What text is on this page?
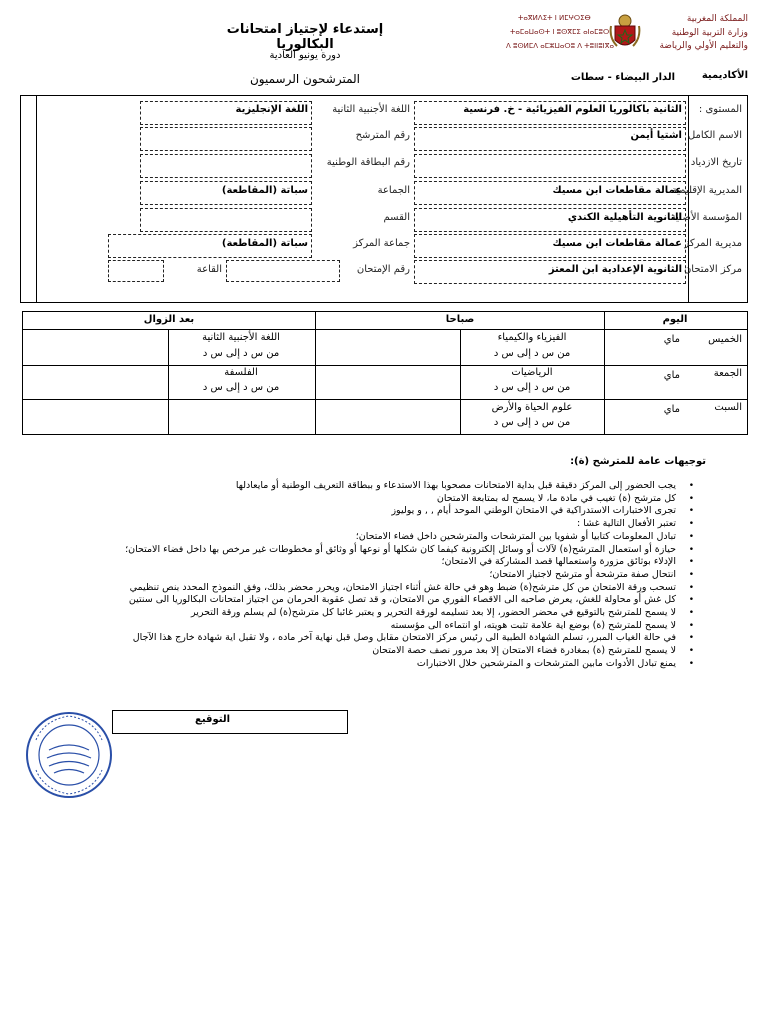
ⵜⴰⴳⵍⴷⵉⵜ ⵏ ⵍⵎⵖⵔⵉⴱ
ⵜⴰⵎⴰⵡⴰⵙⵜ ⵏ ⵓⵙⴳⵎⵉ ⴰⵏⴰⵎⵓⵔ
ⴷ ⵓⵙⵍⵎⴷ ⴰⵎⵣⵡⴰⵔⵓ ⴷ ⵜⵓⵏⵏⵓⵏⴳⴰ
المملكة المغربية
وزارة التربية الوطنية
والتعليم الأولي والرياضة
إستدعاء لإجتياز امتحانات البكالوريا
دورة يونيو العادية
المترشحون الرسميون	الدار البيضاء - سطات	الأكاديمية
المستوى :
الثانية باكالوريا العلوم الفيزيائية - خ. فرنسية
اللغة الأجنبية الثانية
اللغة الإنجليزية
الاسم الكامل
اشتيا أيمن
رقم المترشح
تاريخ الازدياد
رقم البطاقة الوطنية
المديرية الإقليمية
عمالة مقاطعات ابن مسيك
الجماعة
سباتة (المقاطعة)
المؤسسة الأصلية
الثانوية التأهيلية الكندي
القسم
مديرية المركز
عمالة مقاطعات ابن مسيك
جماعة المركز
سباتة (المقاطعة)
مركز الامتحان
الثانوية الإعدادية ابن المعتز
رقم الإمتحان
القاعة
اليوم
صباحا
بعد الزوال
الخميس
ماي
الفيزياء والكيمياء
من س د إلى س د
اللغة الأجنبية الثانية
من س د إلى س د
الجمعة
ماي
الرياضيات
من س د إلى س د
الفلسفة
من س د إلى س د
السبت
ماي
علوم الحياة والأرض
من س د إلى س د
توجيهات عامة للمترشح (ة):
• يجب الحضور إلى المركز دقيقة قبل بداية الامتحانات مصحوبا بهذا الاستدعاء و ببطاقة التعريف الوطنية أو مايعادلها
• كل مترشح (ة) تغيب في مادة ما، لا يسمح له بمتابعة الامتحان
• تجرى الاختبارات الاستدراكية في الامتحان الوطني الموحد أيام , , و يوليوز
• تعتبر الأفعال التالية غشا :
• تبادل المعلومات كتابيا أو شفويا بين المترشحات والمترشحين داخل فضاء الامتحان؛
• حيازة أو استعمال المترشح(ة) لآلات أو وسائل إلكترونية كيفما كان شكلها أو نوعها أو وثائق أو مخطوطات غير مرخص بها داخل فضاء الامتحان؛
• الإدلاء بوثائق مزورة واستعمالها قصد المشاركة في الامتحان؛
• انتحال صفة مترشحة أو مترشح لاجتياز الامتحان؛
• تسحب ورقة الامتحان من كل مترشح(ة) ضبط وهو في حالة غش أثناء اجتياز الامتحان، ويحرر محضر بذلك، وفق النموذج المحدد بنص تنظيمي
• كل غش أو محاولة للغش، يعرض صاحبه الى الاقصاء الفوري من الامتحان، و قد تصل عقوبة الحرمان من اجتياز امتحانات البكالوريا الى سنتين
• لا يسمح للمترشح بالتوقيع في محضر الحضور، إلا بعد تسليمه لورقة التحرير و يعتبر غائبا كل مترشح(ة) لم يسلم ورقة التحرير
• لا يسمح للمترشح (ة) بوضع اية علامة تثبت هويته، او انتماءه الى مؤسسته
• في حالة الغياب المبرر، تسلم الشهادة الطبية الى رئيس مركز الامتحان مقابل وصل قبل نهاية آخر ماده ، ولا تقبل اية شهادة خارج هذا الآجال
• لا يسمح للمترشح (ة) بمغادرة فضاء الامتحان إلا بعد مرور نصف حصة الامتحان
• يمنع تبادل الأدوات مابين المترشحات و المترشحين خلال الاختبارات
التوقيع
